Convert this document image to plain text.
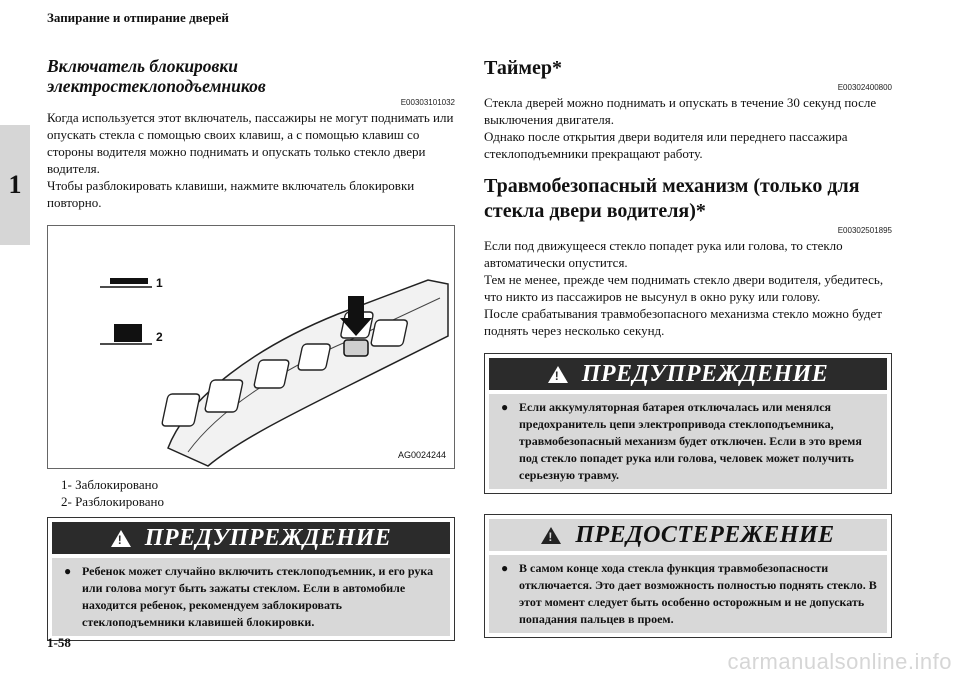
Запирание и отпирание дверей
1
Включатель блокировки электростеклоподъемников
E00303101032

Когда используется этот включатель, пассажиры не могут поднимать или опускать стекла с помощью своих клавиш, а с помощью клавиш со стороны водителя можно поднимать и опускать только стекло двери водителя.

Чтобы разблокировать клавиши, нажмите включатель блокировки повторно.

1
2
AG0024244
1- Заблокировано
2- Разблокировано
!
ПРЕДУПРЕЖДЕНИЕ
● Ребенок может случайно включить стеклоподъемник, и его рука или голова могут быть зажаты стеклом. Если в автомобиле находится ребенок, рекомендуем заблокировать стеклоподъемники клавишей блокировки.
Таймер*
E00302400800

Стекла дверей можно поднимать и опускать в течение 30 секунд после выключения двигателя.

Однако после открытия двери водителя или переднего пассажира стеклоподъемники прекращают работу.

Травмобезопасный механизм (только для стекла двери водителя)*
E00302501895

Если под движущееся стекло попадет рука или голова, то стекло автоматически опустится.

Тем не менее, прежде чем поднимать стекло двери водителя, убедитесь, что никто из пассажиров не высунул в окно руку или голову.

После срабатывания травмобезопасного механизма стекло можно будет поднять через несколько секунд.

!
ПРЕДУПРЕЖДЕНИЕ
● Если аккумуляторная батарея отключалась или менялся предохранитель цепи электропривода стеклоподъемника, травмобезопасный механизм будет отключен. Если в это время под стекло попадет рука или голова, человек может получить серьезную травму.
!
ПРЕДОСТЕРЕЖЕНИЕ
● В самом конце хода стекла функция травмобезопасности отключается. Это дает возможность полностью поднять стекло. В этот момент следует быть особенно осторожным и не допускать попадания пальцев в проем.
1-58
carmanualsonline.info
